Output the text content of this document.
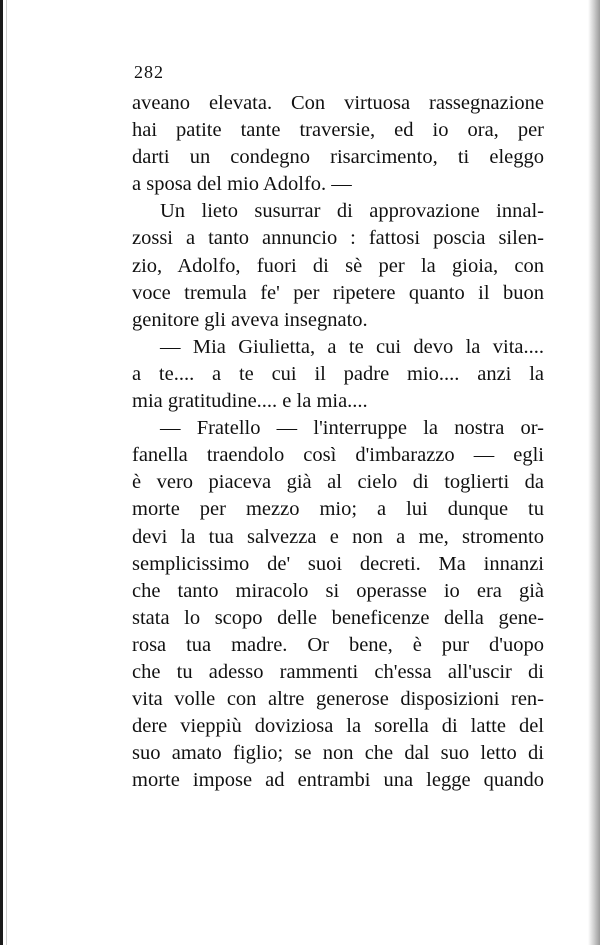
282
aveano elevata. Con virtuosa rassegnazione
hai patite tante traversie, ed io ora, per
darti un condegno risarcimento, ti eleggo
a sposa del mio Adolfo. —
Un lieto susurrar di approvazione innal-
zossi a tanto annuncio : fattosi poscia silen-
zio, Adolfo, fuori di sè per la gioia, con
voce tremula fe' per ripetere quanto il buon
genitore gli aveva insegnato.
— Mia Giulietta, a te cui devo la vita....
a te.... a te cui il padre mio.... anzi la
mia gratitudine.... e la mia....
— Fratello — l'interruppe la nostra or-
fanella traendolo così d'imbarazzo — egli
è vero piaceva già al cielo di toglierti da
morte per mezzo mio; a lui dunque tu
devi la tua salvezza e non a me, stromento
semplicissimo de' suoi decreti. Ma innanzi
che tanto miracolo si operasse io era già
stata lo scopo delle beneficenze della gene-
rosa tua madre. Or bene, è pur d'uopo
che tu adesso rammenti ch'essa all'uscir di
vita volle con altre generose disposizioni ren-
dere vieppiù doviziosa la sorella di latte del
suo amato figlio; se non che dal suo letto di
morte impose ad entrambi una legge quando
